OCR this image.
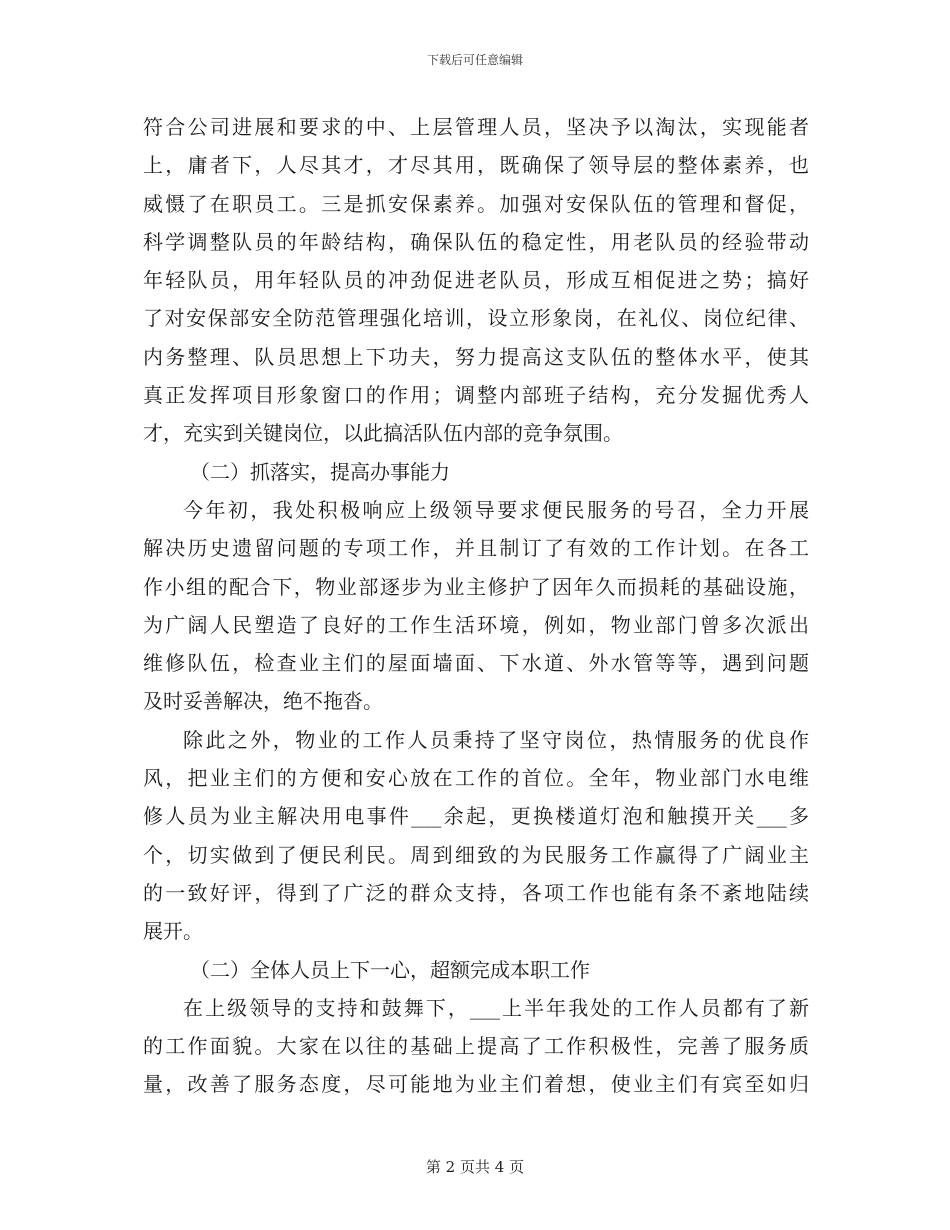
下载后可任意编辑
符合公司进展和要求的中、上层管理人员，坚决予以淘汰，实现能者
上，庸者下，人尽其才，才尽其用，既确保了领导层的整体素养，也
威慑了在职员工。三是抓安保素养。加强对安保队伍的管理和督促，
科学调整队员的年龄结构，确保队伍的稳定性，用老队员的经验带动
年轻队员，用年轻队员的冲劲促进老队员，形成互相促进之势；搞好
了对安保部安全防范管理强化培训，设立形象岗，在礼仪、岗位纪律、
内务整理、队员思想上下功夫，努力提高这支队伍的整体水平，使其
真正发挥项目形象窗口的作用；调整内部班子结构，充分发掘优秀人
才，充实到关键岗位，以此搞活队伍内部的竞争氛围。
（二）抓落实，提高办事能力
今年初，我处积极响应上级领导要求便民服务的号召，全力开展
解决历史遗留问题的专项工作，并且制订了有效的工作计划。在各工
作小组的配合下，物业部逐步为业主修护了因年久而损耗的基础设施，
为广阔人民塑造了良好的工作生活环境，例如，物业部门曾多次派出
维修队伍，检查业主们的屋面墙面、下水道、外水管等等，遇到问题
及时妥善解决，绝不拖沓。
除此之外，物业的工作人员秉持了坚守岗位，热情服务的优良作
风，把业主们的方便和安心放在工作的首位。全年，物业部门水电维
修人员为业主解决用电事件___余起，更换楼道灯泡和触摸开关___多
个，切实做到了便民利民。周到细致的为民服务工作赢得了广阔业主
的一致好评，得到了广泛的群众支持，各项工作也能有条不紊地陆续
展开。
（二）全体人员上下一心，超额完成本职工作
在上级领导的支持和鼓舞下，___上半年我处的工作人员都有了新
的工作面貌。大家在以往的基础上提高了工作积极性，完善了服务质
量，改善了服务态度，尽可能地为业主们着想，使业主们有宾至如归
第 2 页共 4 页
